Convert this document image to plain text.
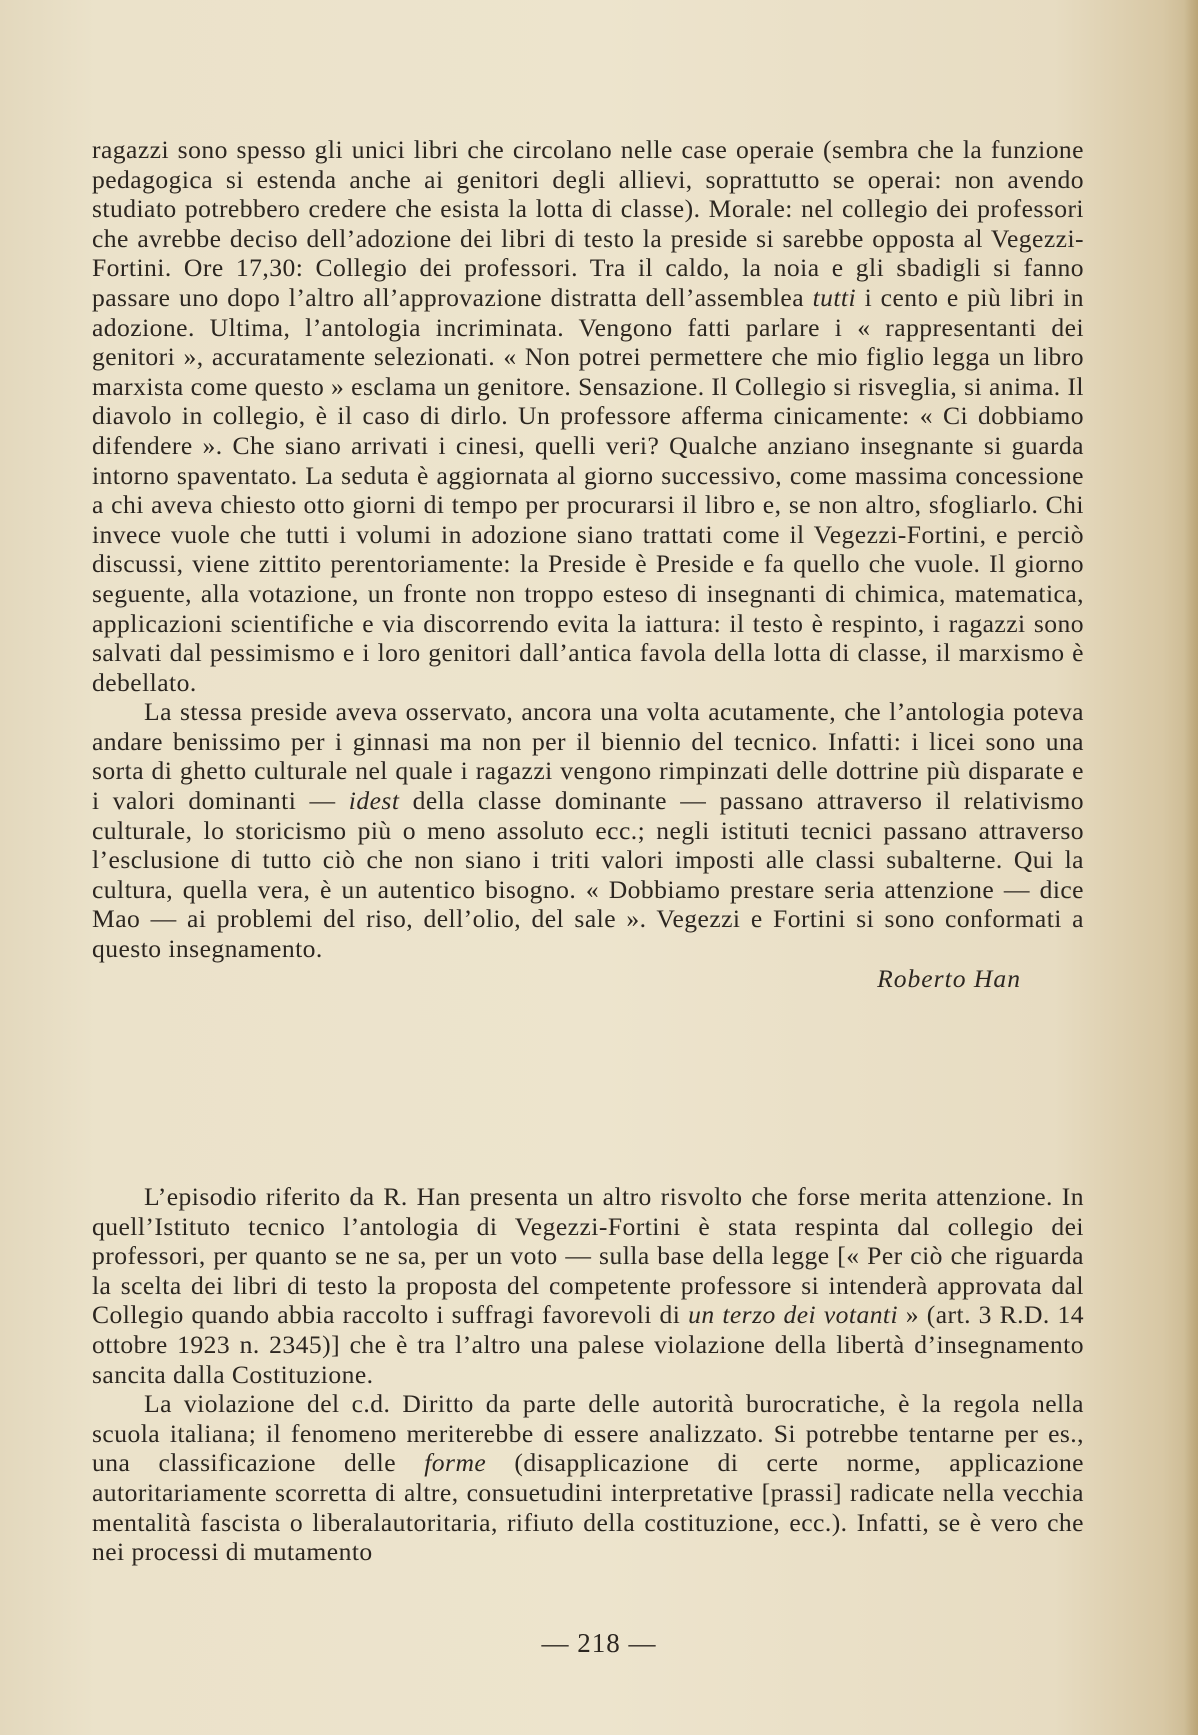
ragazzi sono spesso gli unici libri che circolano nelle case operaie (sembra che la funzione pedagogica si estenda anche ai genitori degli allievi, soprattutto se operai: non avendo studiato potrebbero credere che esista la lotta di classe). Morale: nel collegio dei professori che avrebbe deciso dell’adozione dei libri di testo la preside si sarebbe opposta al Vegezzi-Fortini. Ore 17,30: Collegio dei professori. Tra il caldo, la noia e gli sbadigli si fanno passare uno dopo l’altro all’approvazione distratta dell’assemblea tutti i cento e più libri in adozione. Ultima, l’antologia incriminata. Vengono fatti parlare i « rappresentanti dei genitori », accuratamente selezionati. « Non potrei permettere che mio figlio legga un libro marxista come questo » esclama un genitore. Sensazione. Il Collegio si risveglia, si anima. Il diavolo in collegio, è il caso di dirlo. Un professore afferma cinicamente: « Ci dobbiamo difendere ». Che siano arrivati i cinesi, quelli veri? Qualche anziano insegnante si guarda intorno spaventato. La seduta è aggiornata al giorno successivo, come massima concessione a chi aveva chiesto otto giorni di tempo per procurarsi il libro e, se non altro, sfogliarlo. Chi invece vuole che tutti i volumi in adozione siano trattati come il Vegezzi-Fortini, e perciò discussi, viene zittito perentoriamente: la Preside è Preside e fa quello che vuole. Il giorno seguente, alla votazione, un fronte non troppo esteso di insegnanti di chimica, matematica, applicazioni scientifiche e via discorrendo evita la iattura: il testo è respinto, i ragazzi sono salvati dal pessimismo e i loro genitori dall’antica favola della lotta di classe, il marxismo è debellato.

La stessa preside aveva osservato, ancora una volta acutamente, che l’antologia poteva andare benissimo per i ginnasi ma non per il biennio del tecnico. Infatti: i licei sono una sorta di ghetto culturale nel quale i ragazzi vengono rimpinzati delle dottrine più disparate e i valori dominanti — idest della classe dominante — passano attraverso il relativismo culturale, lo storicismo più o meno assoluto ecc.; negli istituti tecnici passano attraverso l’esclusione di tutto ciò che non siano i triti valori imposti alle classi subalterne. Qui la cultura, quella vera, è un autentico bisogno. « Dobbiamo prestare seria attenzione — dice Mao — ai problemi del riso, dell’olio, del sale ». Vegezzi e Fortini si sono conformati a questo insegnamento.

Roberto Han

L’episodio riferito da R. Han presenta un altro risvolto che forse merita attenzione. In quell’Istituto tecnico l’antologia di Vegezzi-Fortini è stata respinta dal collegio dei professori, per quanto se ne sa, per un voto — sulla base della legge [« Per ciò che riguarda la scelta dei libri di testo la proposta del competente professore si intenderà approvata dal Collegio quando abbia raccolto i suffragi favorevoli di un terzo dei votanti » (art. 3 R.D. 14 ottobre 1923 n. 2345)] che è tra l’altro una palese violazione della libertà d’insegnamento sancita dalla Costituzione.

La violazione del c.d. Diritto da parte delle autorità burocratiche, è la regola nella scuola italiana; il fenomeno meriterebbe di essere analizzato. Si potrebbe tentarne per es., una classificazione delle forme (disapplicazione di certe norme, applicazione autoritariamente scorretta di altre, consuetudini interpretative [prassi] radicate nella vecchia mentalità fascista o liberalautoritaria, rifiuto della costituzione, ecc.). Infatti, se è vero che nei processi di mutamento

— 218 —
